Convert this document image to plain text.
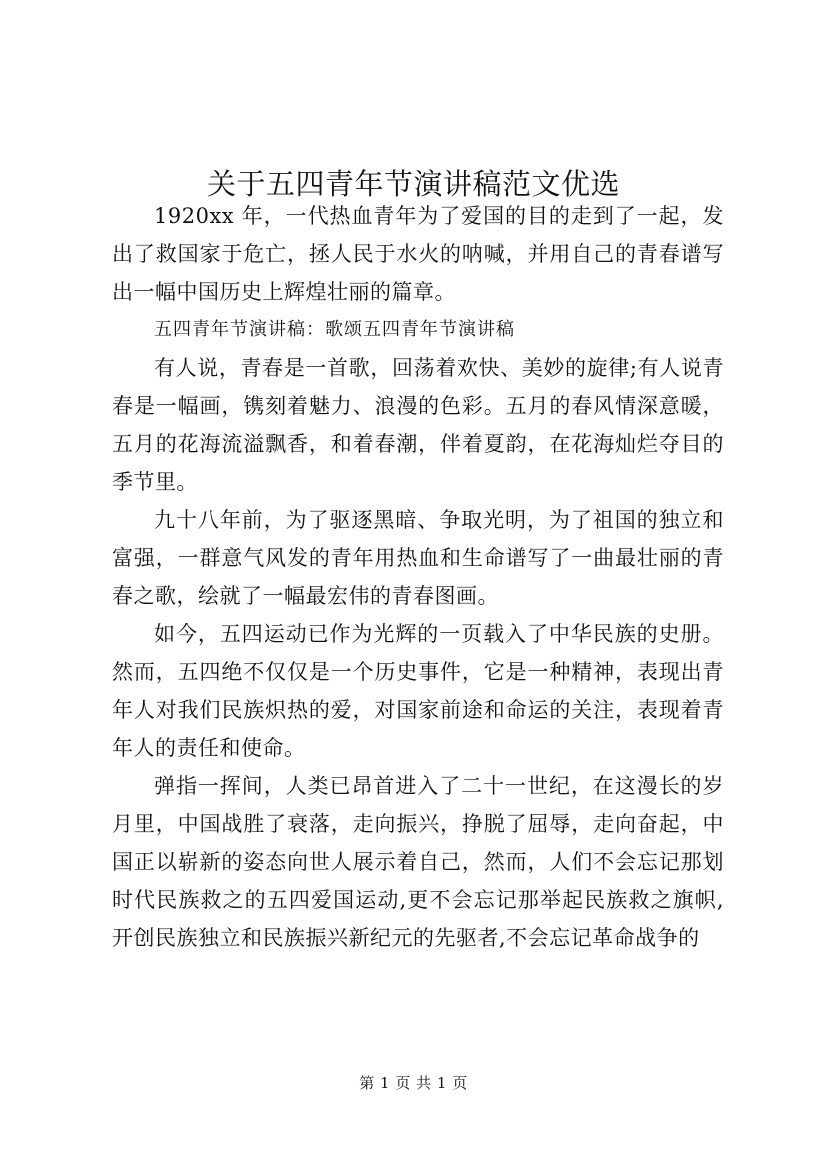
关于五四青年节演讲稿范文优选

1920xx 年，一代热血青年为了爱国的目的走到了一起，发出了救国家于危亡，拯人民于水火的呐喊，并用自己的青春谱写出一幅中国历史上辉煌壮丽的篇章。

五四青年节演讲稿：歌颂五四青年节演讲稿

有人说，青春是一首歌，回荡着欢快、美妙的旋律;有人说青春是一幅画，镌刻着魅力、浪漫的色彩。五月的春风情深意暖，五月的花海流溢飘香，和着春潮，伴着夏韵，在花海灿烂夺目的季节里。

九十八年前，为了驱逐黑暗、争取光明，为了祖国的独立和富强，一群意气风发的青年用热血和生命谱写了一曲最壮丽的青春之歌，绘就了一幅最宏伟的青春图画。

如今，五四运动已作为光辉的一页载入了中华民族的史册。然而，五四绝不仅仅是一个历史事件，它是一种精神，表现出青年人对我们民族炽热的爱，对国家前途和命运的关注，表现着青年人的责任和使命。

弹指一挥间，人类已昂首进入了二十一世纪，在这漫长的岁月里，中国战胜了衰落，走向振兴，挣脱了屈辱，走向奋起，中国正以崭新的姿态向世人展示着自己，然而，人们不会忘记那划时代民族救之的五四爱国运动,更不会忘记那举起民族救之旗帜,开创民族独立和民族振兴新纪元的先驱者,不会忘记革命战争的

第 1 页 共 1 页
